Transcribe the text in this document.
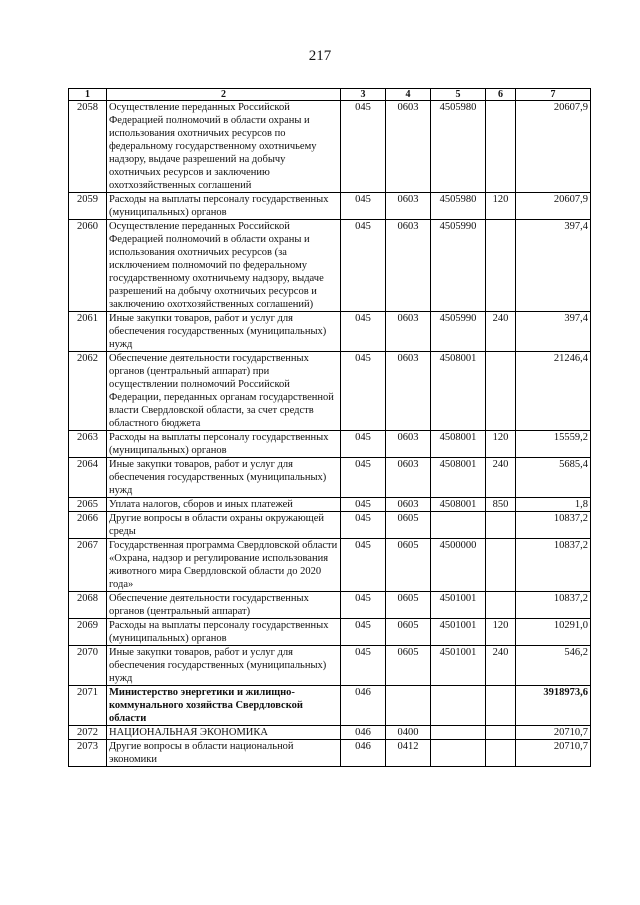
217
1	2	3	4	5	6	7
2058	Осуществление переданных Российской Федерацией полномочий в области охраны и использования охотничьих ресурсов по федеральному государственному охотничьему надзору, выдаче разрешений на добычу охотничьих ресурсов и заключению охотхозяйственных соглашений	045	0603	4505980		20607,9
2059	Расходы на выплаты персоналу государственных (муниципальных) органов	045	0603	4505980	120	20607,9
2060	Осуществление переданных Российской Федерацией полномочий в области охраны и использования охотничьих ресурсов (за исключением полномочий по федеральному государственному охотничьему надзору, выдаче разрешений на добычу охотничьих ресурсов и заключению охотхозяйственных соглашений)	045	0603	4505990		397,4
2061	Иные закупки товаров, работ и услуг для обеспечения государственных (муниципальных) нужд	045	0603	4505990	240	397,4
2062	Обеспечение деятельности государственных органов (центральный аппарат) при осуществлении полномочий Российской Федерации, переданных органам государственной власти Свердловской области, за счет средств областного бюджета	045	0603	4508001		21246,4
2063	Расходы на выплаты персоналу государственных (муниципальных) органов	045	0603	4508001	120	15559,2
2064	Иные закупки товаров, работ и услуг для обеспечения государственных (муниципальных) нужд	045	0603	4508001	240	5685,4
2065	Уплата налогов, сборов и иных платежей	045	0603	4508001	850	1,8
2066	Другие вопросы в области охраны окружающей среды	045	0605			10837,2
2067	Государственная программа Свердловской области «Охрана, надзор и регулирование использования животного мира Свердловской области до 2020 года»	045	0605	4500000		10837,2
2068	Обеспечение деятельности государственных органов (центральный аппарат)	045	0605	4501001		10837,2
2069	Расходы на выплаты персоналу государственных (муниципальных) органов	045	0605	4501001	120	10291,0
2070	Иные закупки товаров, работ и услуг для обеспечения государственных (муниципальных) нужд	045	0605	4501001	240	546,2
2071	Министерство энергетики и жилищно-коммунального хозяйства Свердловской области	046				3918973,6
2072	НАЦИОНАЛЬНАЯ ЭКОНОМИКА	046	0400			20710,7
2073	Другие вопросы в области национальной экономики	046	0412			20710,7
